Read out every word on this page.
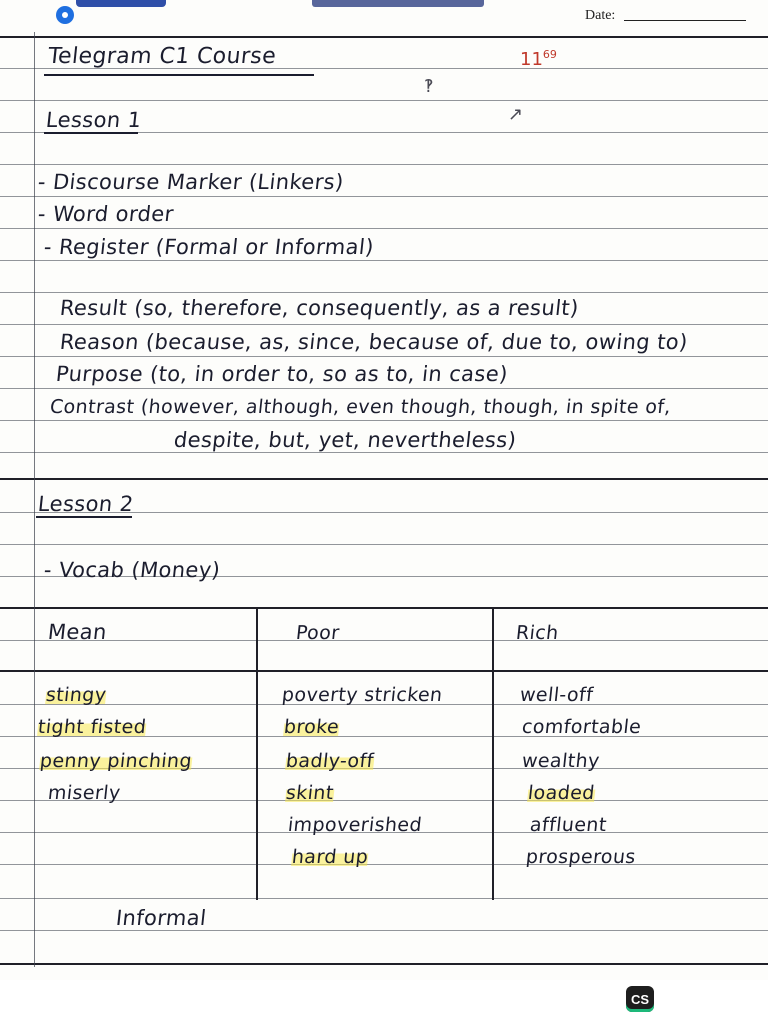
Date:
$11^{69}$
‽
↗
Telegram C1 Course
Lesson 1
- Discourse Marker (Linkers)
- Word order
- Register (Formal or Informal)
Result (so, therefore, consequently, as a result)
Reason (because, as, since, because of, due to, owing to)
Purpose (to, in order to, so as to, in case)
Contrast (however, although, even though, though, in spite of,
despite, but, yet, nevertheless)
Lesson 2
- Vocab (Money)
Mean	Poor	Rich
stingy
tight fisted
penny pinching
miserly
poverty stricken
broke
badly-off
skint
impoverished
hard up
well-off
comfortable
wealthy
loaded
affluent
prosperous
Informal
CS
